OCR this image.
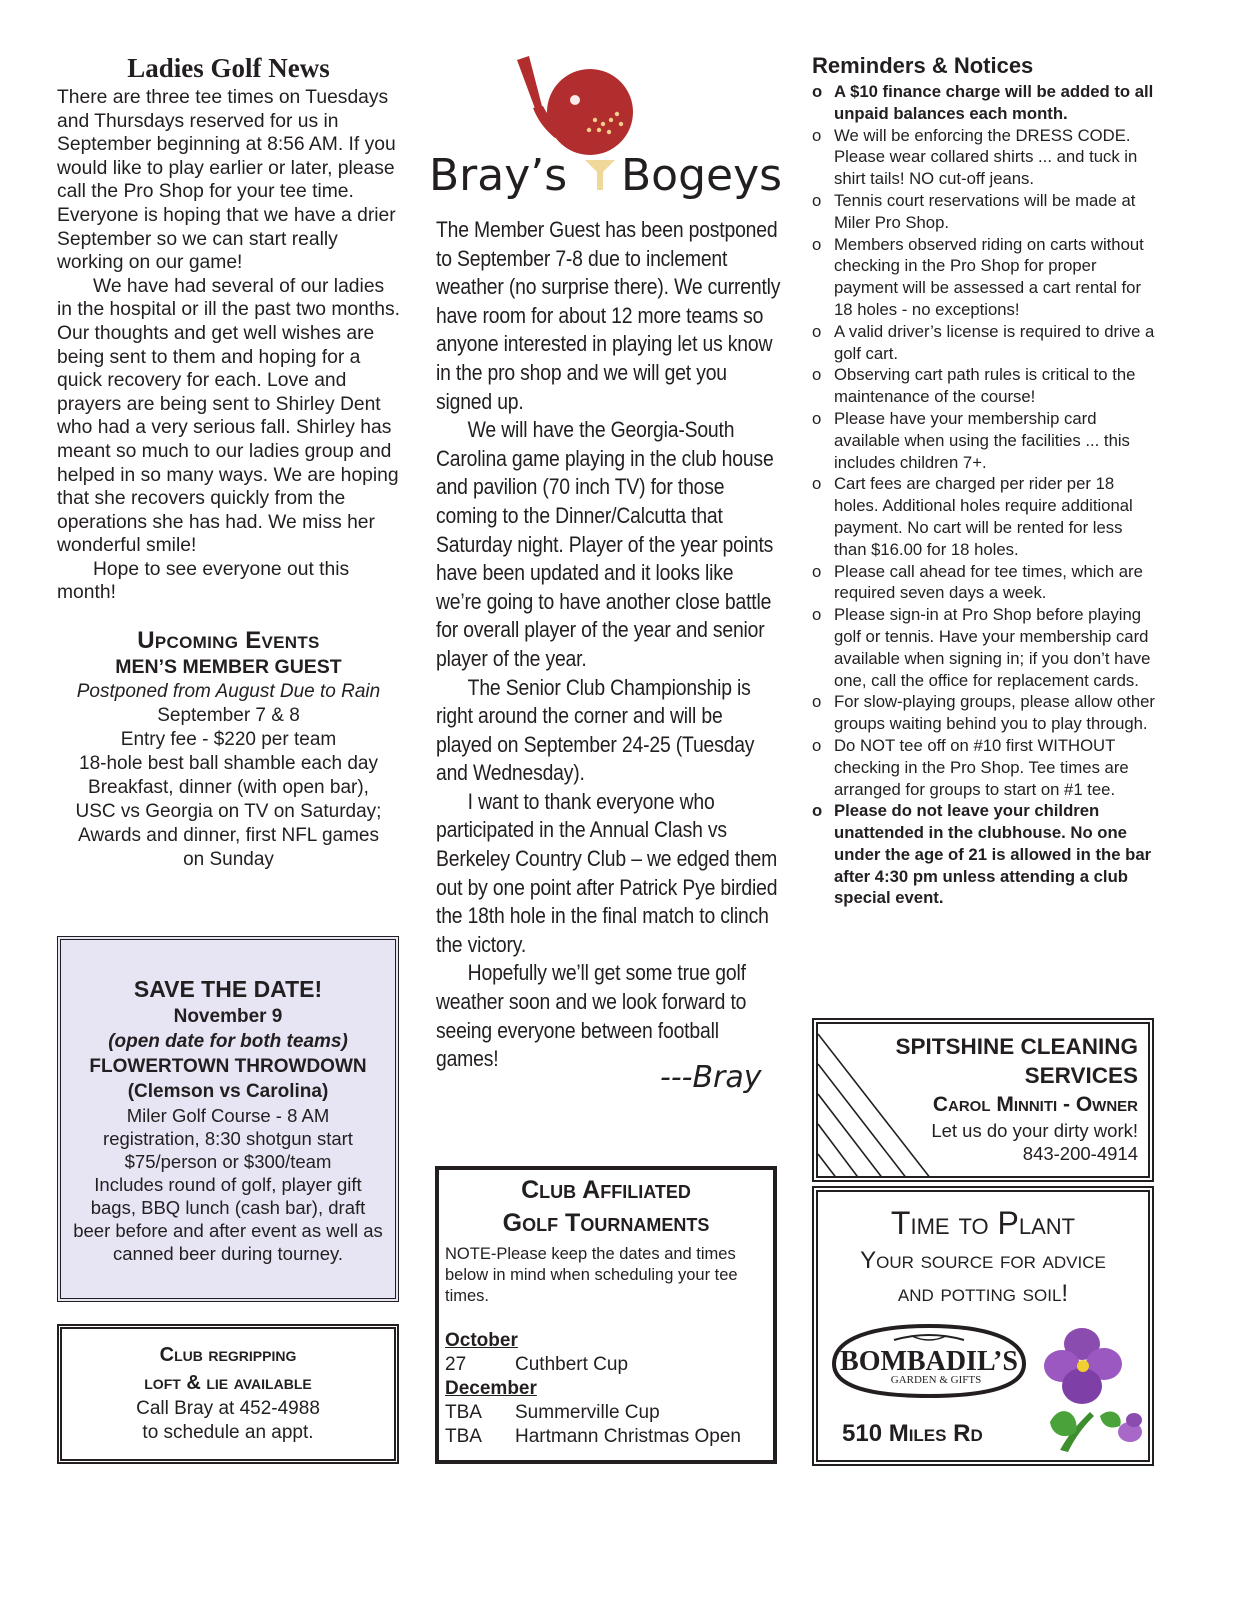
Ladies Golf News

There are three tee times on Tuesdays and Thursdays reserved for us in September beginning at 8:56 AM. If you would like to play earlier or later, please call the Pro Shop for your tee time. Everyone is hoping that we have a drier September so we can start really working on our game!

We have had several of our ladies in the hospital or ill the past two months. Our thoughts and get well wishes are being sent to them and hoping for a quick recovery for each. Love and prayers are being sent to Shirley Dent who had a very serious fall. Shirley has meant so much to our ladies group and helped in so many ways. We are hoping that she recovers quickly from the operations she has had. We miss her wonderful smile!

Hope to see everyone out this month!

Upcoming Events
MEN’S MEMBER GUEST

Postponed from August Due to Rain

September 7 & 8

Entry fee - $220 per team

18-hole best ball shamble each day

Breakfast, dinner (with open bar),

USC vs Georgia on TV on Saturday;

Awards and dinner, first NFL games

on Sunday

SAVE THE DATE!
November 9
(open date for both teams)
FLOWERTOWN THROWDOWN
(Clemson vs Carolina)
Miler Golf Course - 8 AM
registration, 8:30 shotgun start
$75/person or $300/team
Includes round of golf, player gift
bags, BBQ lunch (cash bar), draft
beer before and after event as well as
canned beer during tourney.
Club regripping
loft & lie available
Call Bray at 452-4988
to schedule an appt.
Bray’s Bogeys

The Member Guest has been postponed to September 7-8 due to inclement weather (no surprise there). We currently have room for about 12 more teams so anyone interested in playing let us know in the pro shop and we will get you signed up.

We will have the Georgia-South Carolina game playing in the club house and pavilion (70 inch TV) for those coming to the Dinner/Calcutta that Saturday night. Player of the year points have been updated and it looks like we’re going to have another close battle for overall player of the year and senior player of the year.

The Senior Club Championship is right around the corner and will be played on September 24-25 (Tuesday and Wednesday).

I want to thank everyone who participated in the Annual Clash vs Berkeley Country Club – we edged them out by one point after Patrick Pye birdied the 18th hole in the final match to clinch the victory.

Hopefully we’ll get some true golf weather soon and we look forward to seeing everyone between football games!

---Bray
Club Affiliated
Golf Tournaments
NOTE-Please keep the dates and times below in mind when scheduling your tee times.
October
27	Cuthbert Cup
December
TBA	Summerville Cup
TBA	Hartmann Christmas Open
Reminders & Notices
o A $10 finance charge will be added to all unpaid balances each month.
o We will be enforcing the DRESS CODE. Please wear collared shirts ... and tuck in shirt tails! NO cut-off jeans.
o Tennis court reservations will be made at Miler Pro Shop.
o Members observed riding on carts without checking in the Pro Shop for proper payment will be assessed a cart rental for 18 holes - no exceptions!
o A valid driver’s license is required to drive a golf cart.
o Observing cart path rules is critical to the maintenance of the course!
o Please have your membership card available when using the facilities ... this includes children 7+.
o Cart fees are charged per rider per 18 holes. Additional holes require additional payment. No cart will be rented for less than $16.00 for 18 holes.
o Please call ahead for tee times, which are required seven days a week.
o Please sign-in at Pro Shop before playing golf or tennis. Have your membership card available when signing in; if you don’t have one, call the office for replacement cards.
o For slow-playing groups, please allow other groups waiting behind you to play through.
o Do NOT tee off on #10 first WITHOUT checking in the Pro Shop. Tee times are arranged for groups to start on #1 tee.
o Please do not leave your children unattended in the clubhouse. No one under the age of 21 is allowed in the bar after 4:30 pm unless attending a club special event.
SPITSHINE CLEANING
SERVICES
Carol Minniti - Owner
Let us do your dirty work!
843-200-4914
Time to Plant
Your source for advice
and potting soil!
BOMBADIL’S
GARDEN & GIFTS
510 Miles Rd
